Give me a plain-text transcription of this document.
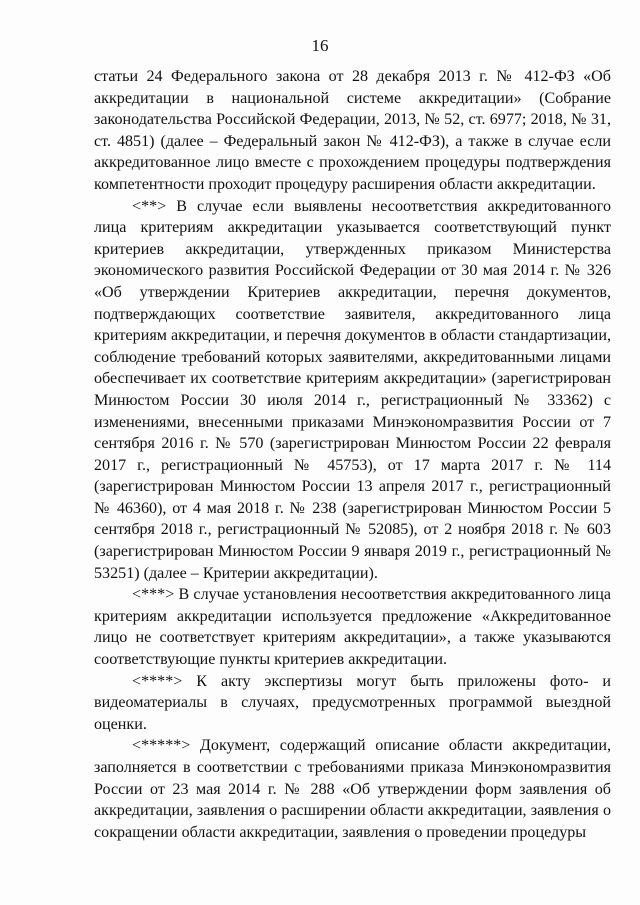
16

статьи 24 Федерального закона от 28 декабря 2013 г. № 412-ФЗ «Об аккредитации в национальной системе аккредитации» (Собрание законодательства Российской Федерации, 2013, № 52, ст. 6977; 2018, № 31, ст. 4851) (далее – Федеральный закон № 412-ФЗ), а также в случае если аккредитованное лицо вместе с прохождением процедуры подтверждения компетентности проходит процедуру расширения области аккредитации.

<**> В случае если выявлены несоответствия аккредитованного лица критериям аккредитации указывается соответствующий пункт критериев аккредитации, утвержденных приказом Министерства экономического развития Российской Федерации от 30 мая 2014 г. № 326 «Об утверждении Критериев аккредитации, перечня документов, подтверждающих соответствие заявителя, аккредитованного лица критериям аккредитации, и перечня документов в области стандартизации, соблюдение требований которых заявителями, аккредитованными лицами обеспечивает их соответствие критериям аккредитации» (зарегистрирован Минюстом России 30 июля 2014 г., регистрационный № 33362) с изменениями, внесенными приказами Минэкономразвития России от 7 сентября 2016 г. № 570 (зарегистрирован Минюстом России 22 февраля 2017 г., регистрационный № 45753), от 17 марта 2017 г. № 114 (зарегистрирован Минюстом России 13 апреля 2017 г., регистрационный № 46360), от 4 мая 2018 г. № 238 (зарегистрирован Минюстом России 5 сентября 2018 г., регистрационный № 52085), от 2 ноября 2018 г. № 603 (зарегистрирован Минюстом России 9 января 2019 г., регистрационный № 53251) (далее – Критерии аккредитации).

<***> В случае установления несоответствия аккредитованного лица критериям аккредитации используется предложение «Аккредитованное лицо не соответствует критериям аккредитации», а также указываются соответствующие пункты критериев аккредитации.

<****> К акту экспертизы могут быть приложены фото- и видеоматериалы в случаях, предусмотренных программой выездной оценки.

<*****> Документ, содержащий описание области аккредитации, заполняется в соответствии с требованиями приказа Минэкономразвития России от 23 мая 2014 г. № 288 «Об утверждении форм заявления об аккредитации, заявления о расширении области аккредитации, заявления о сокращении области аккредитации, заявления о проведении процедуры
